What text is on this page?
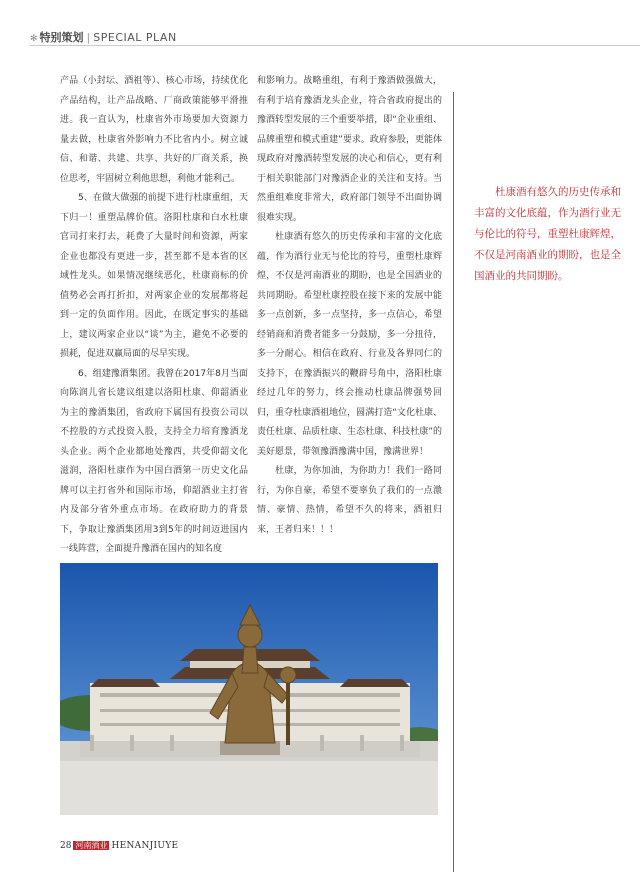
✻ 特别策划 | SPECIAL PLAN

产品（小封坛、酒祖等）、核心市场，持续优化产品结构，让产品战略、厂商政策能够平滑推进。我一直认为，杜康省外市场要加大资源力量去做，杜康省外影响力不比省内小。树立诚信、和谐、共建、共享、共好的厂商关系，换位思考，牢固树立利他思想，利他才能利己。

5、在做大做强的前提下进行杜康重组，天下归一！重塑品牌价值。洛阳杜康和白水杜康官司打来打去，耗费了大量时间和资源，两家企业也都没有更进一步，甚至都不是本省的区域性龙头。如果情况继续恶化，杜康商标的价值势必会再打折扣，对两家企业的发展都将起到一定的负面作用。因此，在既定事实的基础上，建议两家企业以“谈”为主，避免不必要的损耗，促进双赢局面的尽早实现。

6、组建豫酒集团。我曾在2017年8月当面向陈润儿省长建议组建以洛阳杜康、仰韶酒业为主的豫酒集团，省政府下属国有投资公司以不控股的方式投资入股，支持全力培育豫酒龙头企业。两个企业都地处豫西，共受仰韶文化滋润，洛阳杜康作为中国白酒第一历史文化品牌可以主打省外和国际市场，仰韶酒业主打省内及部分省外重点市场。在政府助力的背景下，争取让豫酒集团用3到5年的时间迈进国内一线阵营，全面提升豫酒在国内的知名度

和影响力。战略重组，有利于豫酒做强做大，有利于培育豫酒龙头企业，符合省政府提出的豫酒转型发展的三个重要举措，即“企业重组、品牌重塑和模式重建”要求。政府参股，更能体现政府对豫酒转型发展的决心和信心，更有利于相关职能部门对豫酒企业的关注和支持。当然重组难度非常大，政府部门领导不出面协调很难实现。

杜康酒有悠久的历史传承和丰富的文化底蕴，作为酒行业无与伦比的符号，重塑杜康辉煌，不仅是河南酒业的期盼，也是全国酒业的共同期盼。希望杜康控股在接下来的发展中能多一点创新，多一点坚持，多一点信心，希望经销商和消费者能多一分鼓励，多一分扭待，多一分耐心。相信在政府、行业及各界同仁的支持下，在豫酒振兴的鞭辟号角中，洛阳杜康经过几年的努力，终会推动杜康品牌强势回归，重夺杜康酒祖地位，圆满打造“文化杜康、责任杜康、品质杜康、生态杜康、科技杜康”的美好愿景，带领豫酒豫满中国，豫满世界！

杜康，为你加油，为你助力！我们一路同行，为你自豪，希望不要辜负了我们的一点激情、豪情、热情，希望不久的将来，酒祖归来，王者归来！！！

杜康酒有悠久的历史传承和丰富的文化底蕴，作为酒行业无与伦比的符号，重塑杜康辉煌，不仅是河南酒业的期盼，也是全国酒业的共同期盼。
28 河南酒业 HENANJIUYE
